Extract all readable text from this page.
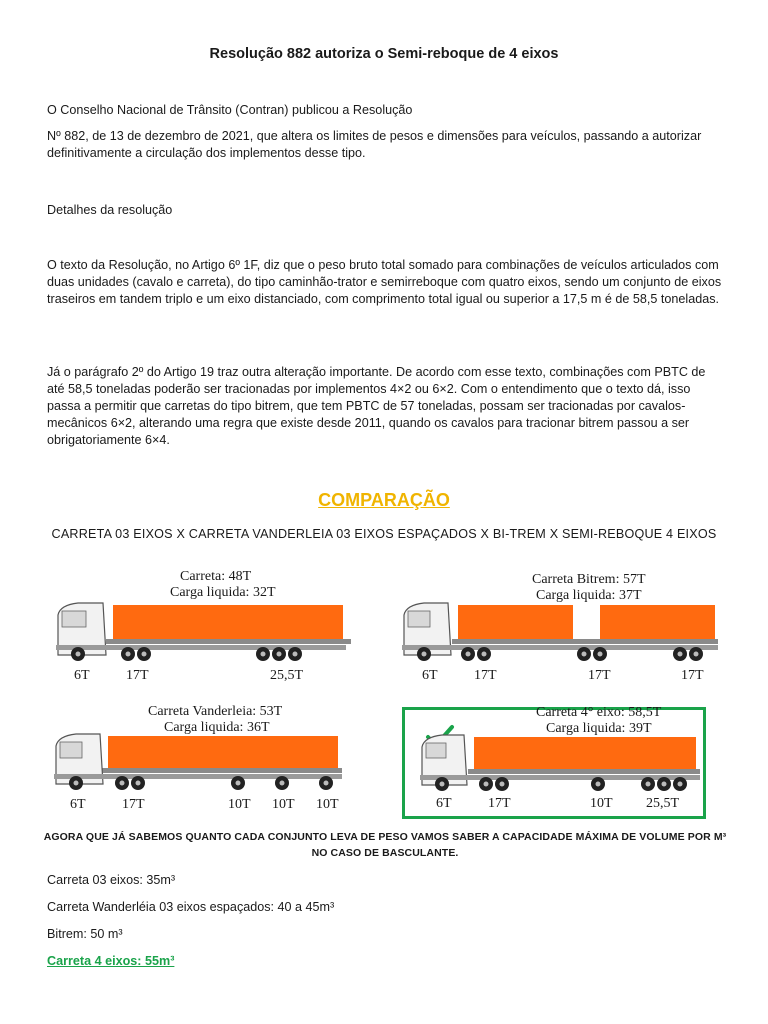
Resolução 882 autoriza o Semi-reboque de 4 eixos

O Conselho Nacional de Trânsito (Contran) publicou a Resolução

Nº 882, de 13 de dezembro de 2021, que altera os limites de pesos e dimensões para veículos, passando a autorizar definitivamente a circulação dos implementos desse tipo.

Detalhes da resolução

O texto da Resolução, no Artigo 6º 1F, diz que o peso bruto total somado para combinações de veículos articulados com duas unidades (cavalo e carreta), do tipo caminhão-trator e semirreboque com quatro eixos, sendo um conjunto de eixos traseiros em tandem triplo e um eixo distanciado, com comprimento total igual ou superior a 17,5 m é de 58,5 toneladas.

Já o parágrafo 2º do Artigo 19 traz outra alteração importante. De acordo com esse texto, combinações com PBTC de até 58,5 toneladas poderão ser tracionadas por implementos 4×2 ou 6×2. Com o entendimento que o texto dá, isso passa a permitir que carretas do tipo bitrem, que tem PBTC de 57 toneladas, possam ser tracionadas por cavalos-mecânicos 6×2, alterando uma regra que existe desde 2011, quando os cavalos para tracionar bitrem passou a ser obrigatoriamente 6×4.

COMPARAÇÃO
CARRETA 03 EIXOS X CARRETA VANDERLEIA 03 EIXOS ESPAÇADOS X BI-TREM X SEMI-REBOQUE 4 EIXOS
Carreta: 48T
Carga liquida: 32T
6T	17T	25,5T
Carreta Bitrem: 57T
Carga liquida: 37T
6T	17T	17T	17T
Carreta Vanderleia: 53T
Carga liquida: 36T
6T	17T	10T 10T 10T
Carreta 4° eixo: 58,5T
Carga liquida: 39T
6T	17T	10T 25,5T
AGORA QUE JÁ SABEMOS QUANTO CADA CONJUNTO LEVA DE PESO VAMOS SABER A CAPACIDADE MÁXIMA DE VOLUME POR M³ NO CASO DE BASCULANTE.
Carreta 03 eixos: 35m³
Carreta Wanderléia 03 eixos espaçados: 40 a 45m³
Bitrem: 50 m³
Carreta 4 eixos: 55m³
